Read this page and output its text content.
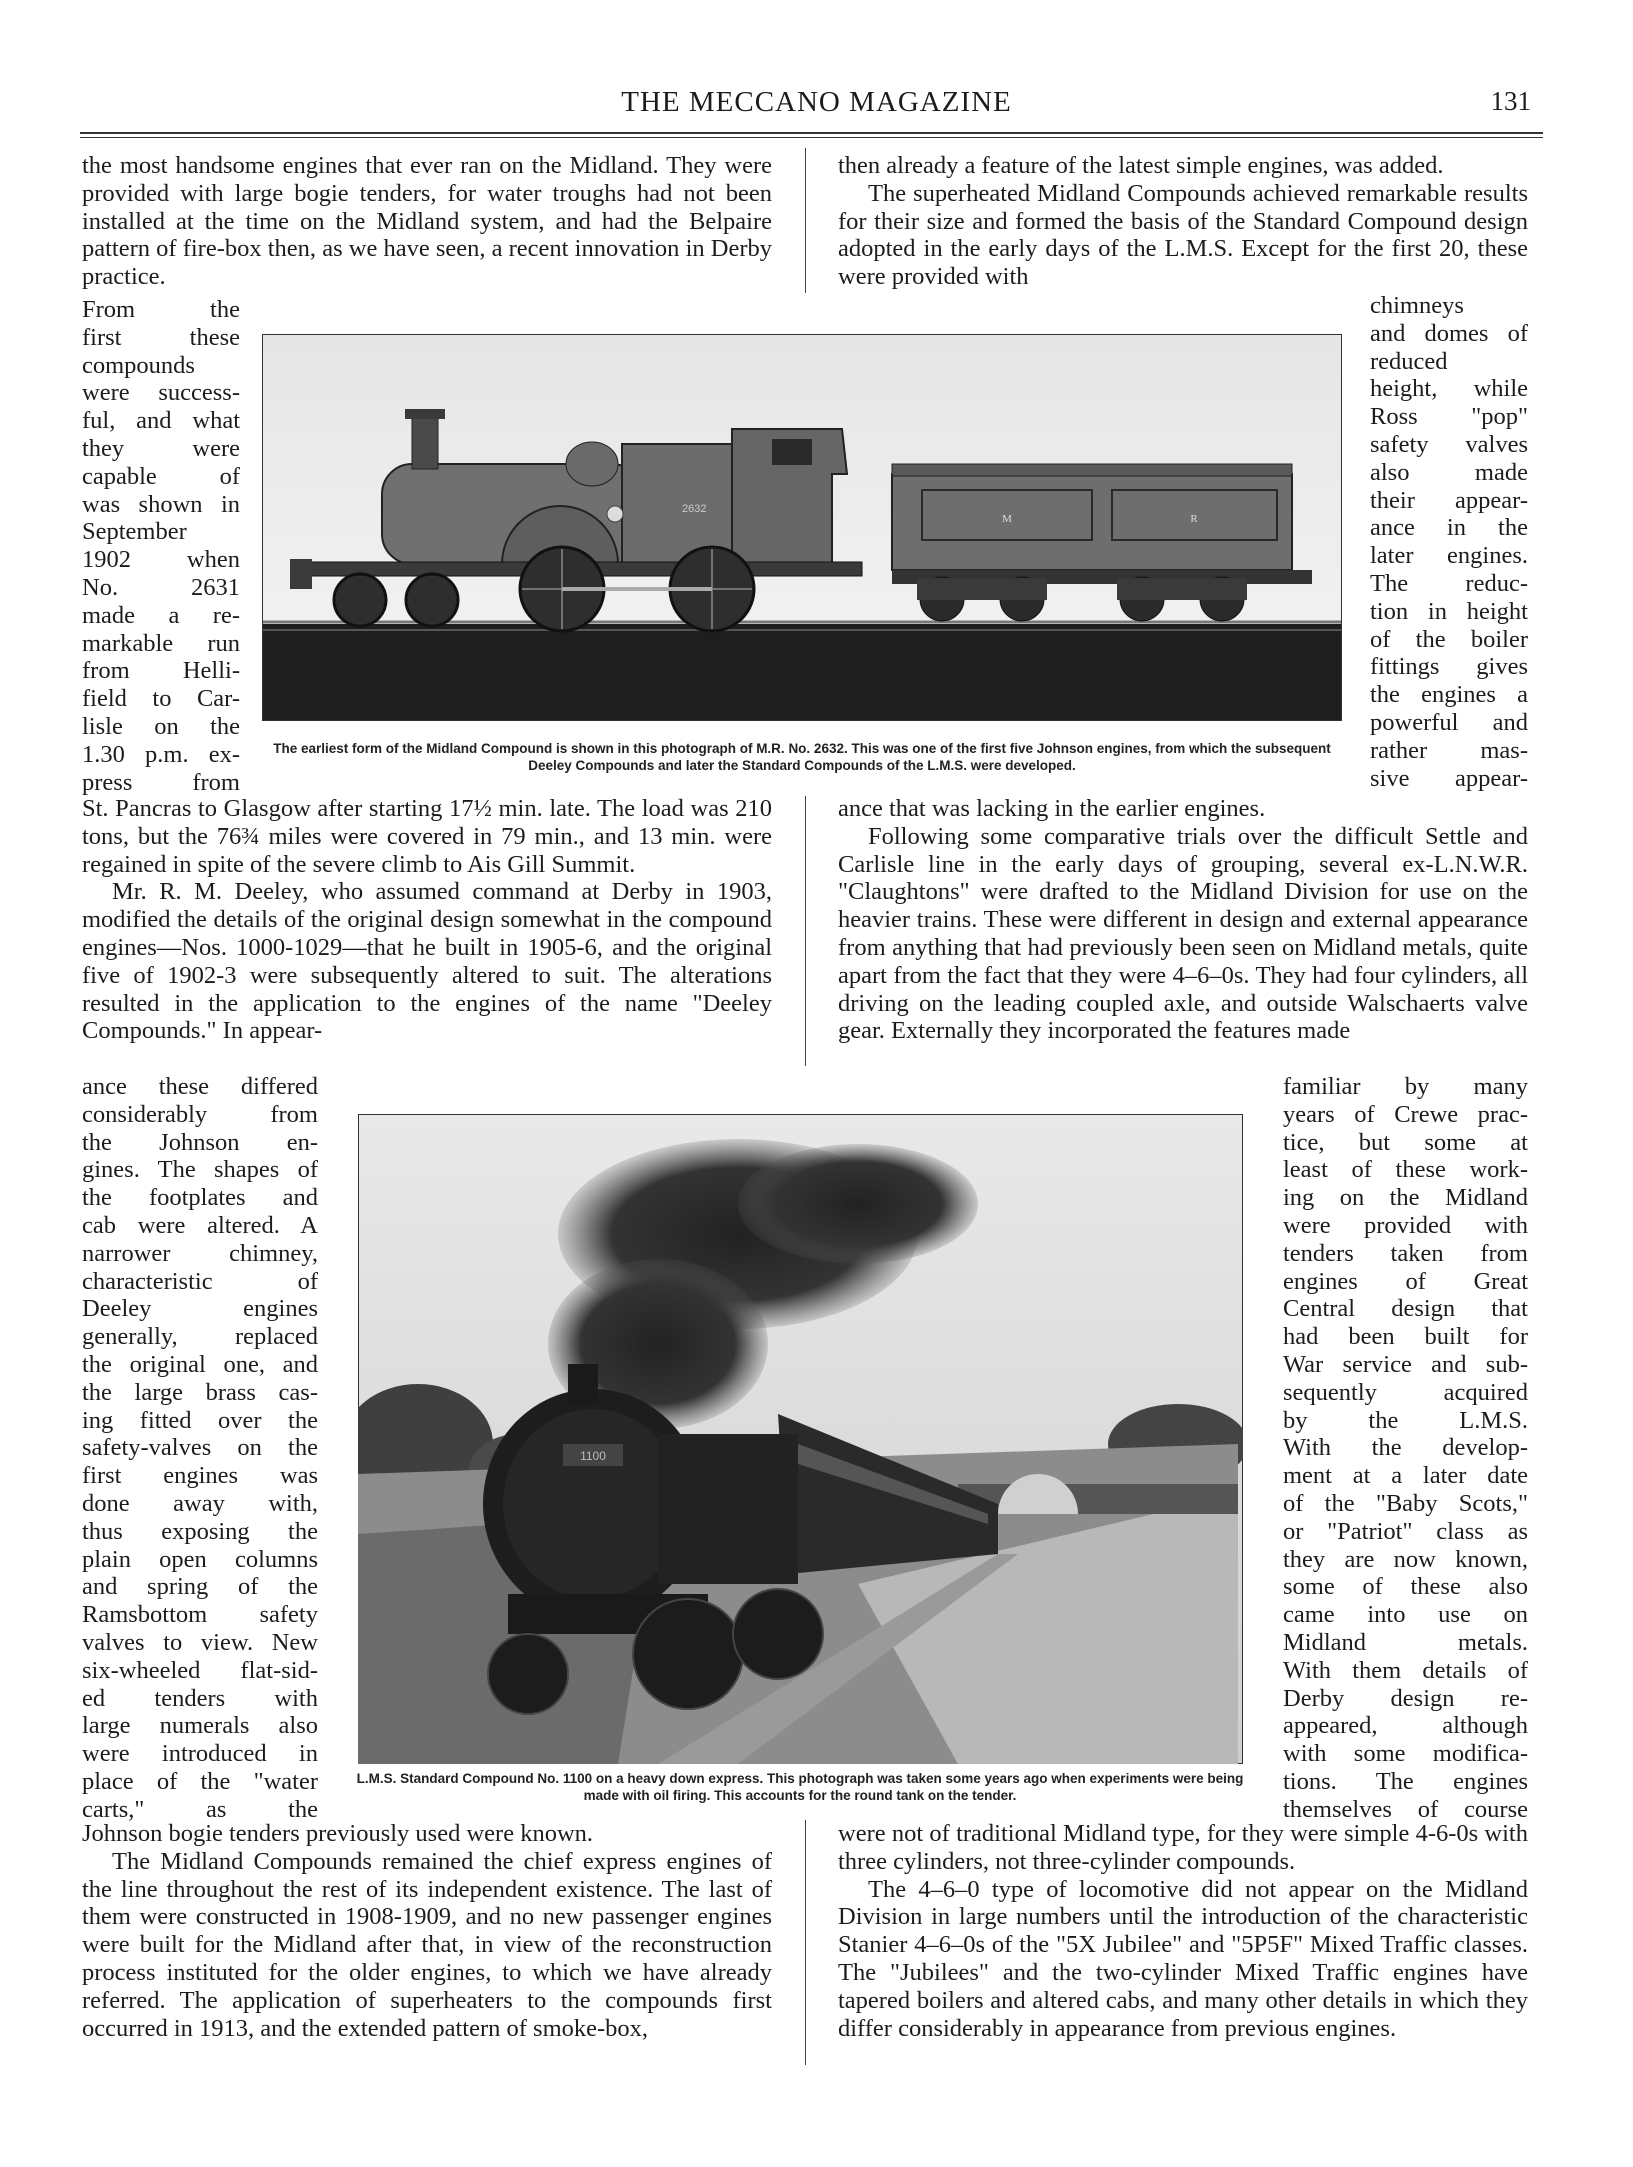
THE MECCANO MAGAZINE	131

the most handsome engines that ever ran on the Midland. They were provided with large bogie tenders, for water troughs had not been installed at the time on the Midland system, and had the Belpaire pattern of fire-box then, as we have seen, a recent innovation in Derby practice.

From the
first these
compounds
were success-
ful, and what
they were
capable of
was shown in
September
1902 when
No. 2631
made a re-
markable run
from Helli-
field to Car-
lisle on the
1.30 p.m. ex-
press from

then already a feature of the latest simple engines, was added.

The superheated Midland Compounds achieved remarkable results for their size and formed the basis of the Standard Compound design adopted in the early days of the L.M.S. Except for the first 20, these were provided with

chimneys
and domes of
reduced
height, while
Ross "pop"
safety valves
also made
their appear-
ance in the
later engines.
The reduc-
tion in height
of the boiler
fittings gives
the engines a
powerful and
rather mas-
sive appear-
M	R
2632
The earliest form of the Midland Compound is shown in this photograph of M.R. No. 2632. This was one of the first five Johnson engines, from which the subsequent Deeley Compounds and later the Standard Compounds of the L.M.S. were developed.

St. Pancras to Glasgow after starting 17½ min. late. The load was 210 tons, but the 76¾ miles were covered in 79 min., and 13 min. were regained in spite of the severe climb to Ais Gill Summit.

Mr. R. M. Deeley, who assumed command at Derby in 1903, modified the details of the original design somewhat in the compound engines—Nos. 1000-1029—that he built in 1905-6, and the original five of 1902-3 were subsequently altered to suit. The alterations resulted in the application to the engines of the name "Deeley Compounds." In appear-

ance these differed
considerably from
the Johnson en-
gines. The shapes of
the footplates and
cab were altered. A
narrower chimney,
characteristic of
Deeley engines
generally, replaced
the original one, and
the large brass cas-
ing fitted over the
safety-valves on the
first engines was
done away with,
thus exposing the
plain open columns
and spring of the
Ramsbottom safety
valves to view. New
six-wheeled flat-sid-
ed tenders with
large numerals also
were introduced in
place of the "water
carts," as the

ance that was lacking in the earlier engines.

Following some comparative trials over the difficult Settle and Carlisle line in the early days of grouping, several ex-L.N.W.R. "Claughtons" were drafted to the Midland Division for use on the heavier trains. These were different in design and external appearance from anything that had previously been seen on Midland metals, quite apart from the fact that they were 4–6–0s. They had four cylinders, all driving on the leading coupled axle, and outside Walschaerts valve gear. Externally they incorporated the features made

familiar by many
years of Crewe prac-
tice, but some at
least of these work-
ing on the Midland
were provided with
tenders taken from
engines of Great
Central design that
had been built for
War service and sub-
sequently acquired
by the L.M.S.
With the develop-
ment at a later date
of the "Baby Scots,"
or "Patriot" class as
they are now known,
some of these also
came into use on
Midland metals.
With them details of
Derby design re-
appeared, although
with some modifica-
tions. The engines
themselves of course
1100
L.M.S. Standard Compound No. 1100 on a heavy down express. This photograph was taken some years ago when experiments were being made with oil firing. This accounts for the round tank on the tender.

Johnson bogie tenders previously used were known.

The Midland Compounds remained the chief express engines of the line throughout the rest of its independent existence. The last of them were constructed in 1908-1909, and no new passenger engines were built for the Midland after that, in view of the reconstruction process instituted for the older engines, to which we have already referred. The application of superheaters to the compounds first occurred in 1913, and the extended pattern of smoke-box,

were not of traditional Midland type, for they were simple 4-6-0s with three cylinders, not three-cylinder compounds.

The 4–6–0 type of locomotive did not appear on the Midland Division in large numbers until the introduction of the characteristic Stanier 4–6–0s of the "5X Jubilee" and "5P5F" Mixed Traffic classes. The "Jubilees" and the two-cylinder Mixed Traffic engines have tapered boilers and altered cabs, and many other details in which they differ considerably in appearance from previous engines.
